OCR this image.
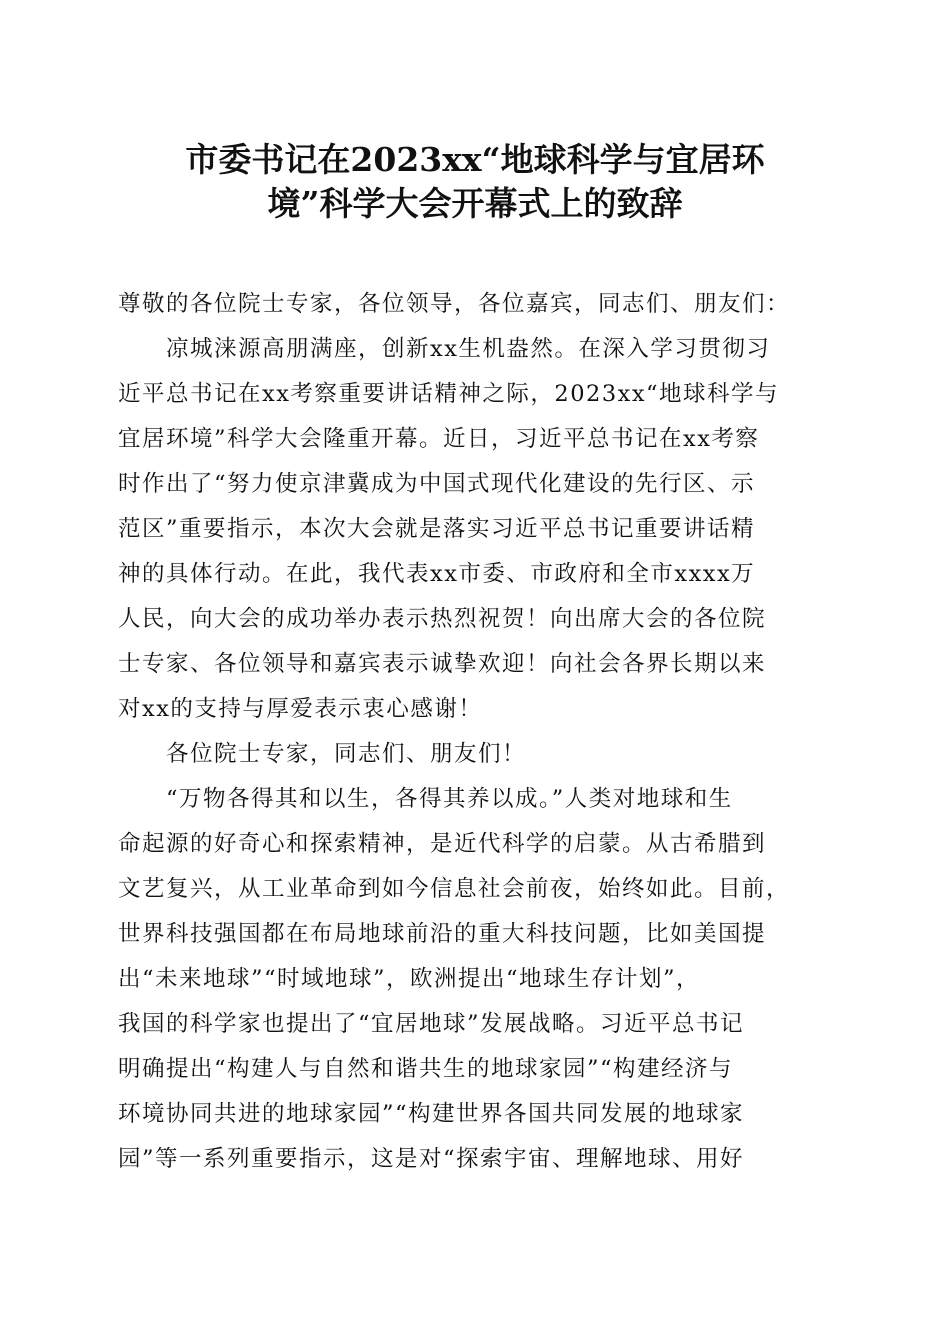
市委书记在2023xx“地球科学与宜居环
境”科学大会开幕式上的致辞
尊敬的各位院士专家，各位领导，各位嘉宾，同志们、朋友们：
　　凉城涞源高朋满座，创新xx生机盎然。在深入学习贯彻习
近平总书记在xx考察重要讲话精神之际，2023xx“地球科学与
宜居环境”科学大会隆重开幕。近日，习近平总书记在xx考察
时作出了“努力使京津冀成为中国式现代化建设的先行区、示
范区”重要指示，本次大会就是落实习近平总书记重要讲话精
神的具体行动。在此，我代表xx市委、市政府和全市xxxx万
人民，向大会的成功举办表示热烈祝贺！向出席大会的各位院
士专家、各位领导和嘉宾表示诚挚欢迎！向社会各界长期以来
对xx的支持与厚爱表示衷心感谢！
　　各位院士专家，同志们、朋友们！
　　“万物各得其和以生，各得其养以成。”人类对地球和生
命起源的好奇心和探索精神，是近代科学的启蒙。从古希腊到
文艺复兴，从工业革命到如今信息社会前夜，始终如此。目前，
世界科技强国都在布局地球前沿的重大科技问题，比如美国提
出“未来地球”“时域地球”，欧洲提出“地球生存计划”，
我国的科学家也提出了“宜居地球”发展战略。习近平总书记
明确提出“构建人与自然和谐共生的地球家园”“构建经济与
环境协同共进的地球家园”“构建世界各国共同发展的地球家
园”等一系列重要指示，这是对“探索宇宙、理解地球、用好
